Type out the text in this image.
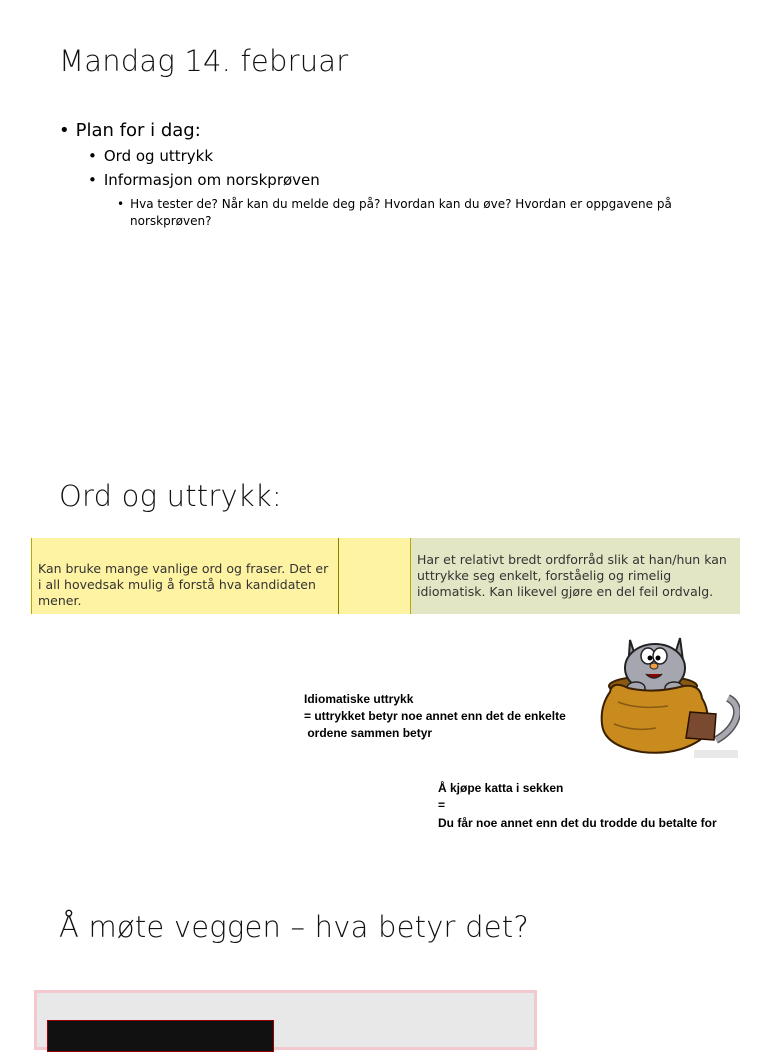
Mandag 14. februar
• Plan for i dag:
• Ord og uttrykk
• Informasjon om norskprøven
• Hva tester de? Når kan du melde deg på? Hvordan kan du øve? Hvordan er oppgavene på norskprøven?
Ord og uttrykk:
Kan bruke mange vanlige ord og fraser. Det er i all hovedsak mulig å forstå hva kandidaten mener.
Har et relativt bredt ordforråd slik at han/hun kan uttrykke seg enkelt, forståelig og rimelig idiomatisk. Kan likevel gjøre en del feil ordvalg.
Idiomatiske uttrykk
= uttrykket betyr noe annet enn det de enkelte
ordene sammen betyr
Å kjøpe katta i sekken
=
Du får noe annet enn det du trodde du betalte for
Å møte veggen – hva betyr det?
